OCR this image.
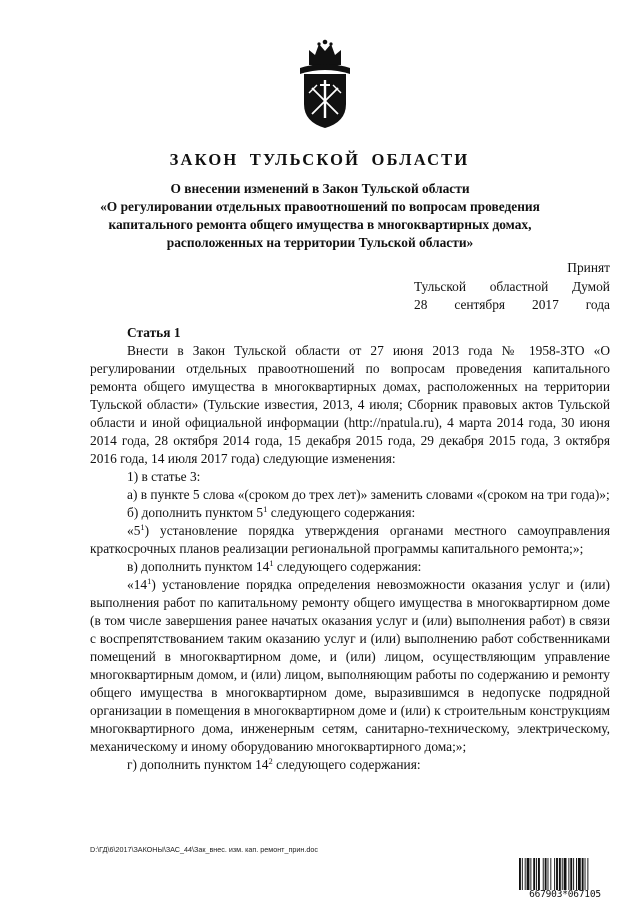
ЗАКОН ТУЛЬСКОЙ ОБЛАСТИ
О внесении изменений в Закон Тульской области
«О регулировании отдельных правоотношений по вопросам проведения
капитального ремонта общего имущества в многоквартирных домах,
расположенных на территории Тульской области»
Принят
Тульской областной Думой
28 сентября 2017 года

Статья 1

Внести в Закон Тульской области от 27 июня 2013 года № 1958-ЗТО «О регулировании отдельных правоотношений по вопросам проведения капитального ремонта общего имущества в многоквартирных домах, расположенных на территории Тульской области» (Тульские известия, 2013, 4 июля; Сборник правовых актов Тульской области и иной официальной информации (http://npatula.ru), 4 марта 2014 года, 30 июня 2014 года, 28 октября 2014 года, 15 декабря 2015 года, 29 декабря 2015 года, 3 октября 2016 года, 14 июля 2017 года) следующие изменения:

1) в статье 3:

а) в пункте 5 слова «(сроком до трех лет)» заменить словами «(сроком на три года)»;

б) дополнить пунктом $5^1$ следующего содержания:

«$5^1$) установление порядка утверждения органами местного самоуправления краткосрочных планов реализации региональной программы капитального ремонта;»;

в) дополнить пунктом $14^1$ следующего содержания:

«$14^1$) установление порядка определения невозможности оказания услуг и (или) выполнения работ по капитальному ремонту общего имущества в многоквартирном доме (в том числе завершения ранее начатых оказания услуг и (или) выполнения работ) в связи с воспрепятствованием таким оказанию услуг и (или) выполнению работ собственниками помещений в многоквартирном доме, и (или) лицом, осуществляющим управление многоквартирным домом, и (или) лицом, выполняющим работы по содержанию и ремонту общего имущества в многоквартирном доме, выразившимся в недопуске подрядной организации в помещения в многоквартирном доме и (или) к строительным конструкциям многоквартирного дома, инженерным сетям, санитарно-техническому, электрическому, механическому и иному оборудованию многоквартирного дома;»;

г) дополнить пунктом $14^2$ следующего содержания:

D:\ГД\6\2017\ЗАКОНЫ\ЗАС_44\Зак_внес. изм. кап. ремонт_прин.doc
667903*067105
